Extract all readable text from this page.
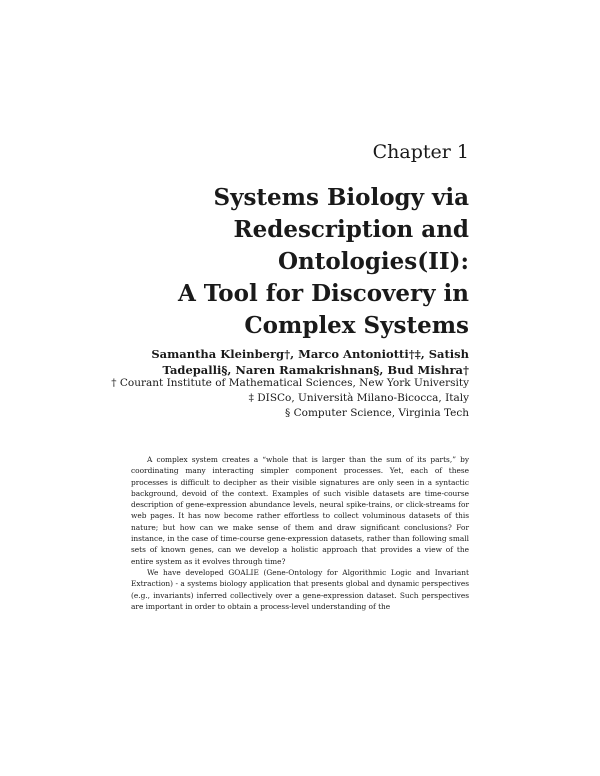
Chapter 1
Systems Biology via
Redescription and
Ontologies(II):
A Tool for Discovery in
Complex Systems
Samantha Kleinberg†, Marco Antoniotti†‡, Satish
Tadepalli§, Naren Ramakrishnan§, Bud Mishra†
† Courant Institute of Mathematical Sciences, New York University
‡ DISCo, Università Milano-Bicocca, Italy
§ Computer Science, Virginia Tech

A complex system creates a “whole that is larger than the sum of its parts,” by coordinating many interacting simpler component processes. Yet, each of these processes is difficult to decipher as their visible signatures are only seen in a syntactic background, devoid of the context. Examples of such visible datasets are time-course description of gene-expression abundance levels, neural spike-trains, or click-streams for web pages. It has now become rather effortless to collect voluminous datasets of this nature; but how can we make sense of them and draw significant conclusions? For instance, in the case of time-course gene-expression datasets, rather than following small sets of known genes, can we develop a holistic approach that provides a view of the entire system as it evolves through time?

We have developed GOALIE (Gene-Ontology for Algorithmic Logic and Invariant Extraction) - a systems biology application that presents global and dynamic perspectives (e.g., invariants) inferred collectively over a gene-expression dataset. Such perspectives are important in order to obtain a process-level understanding of the
